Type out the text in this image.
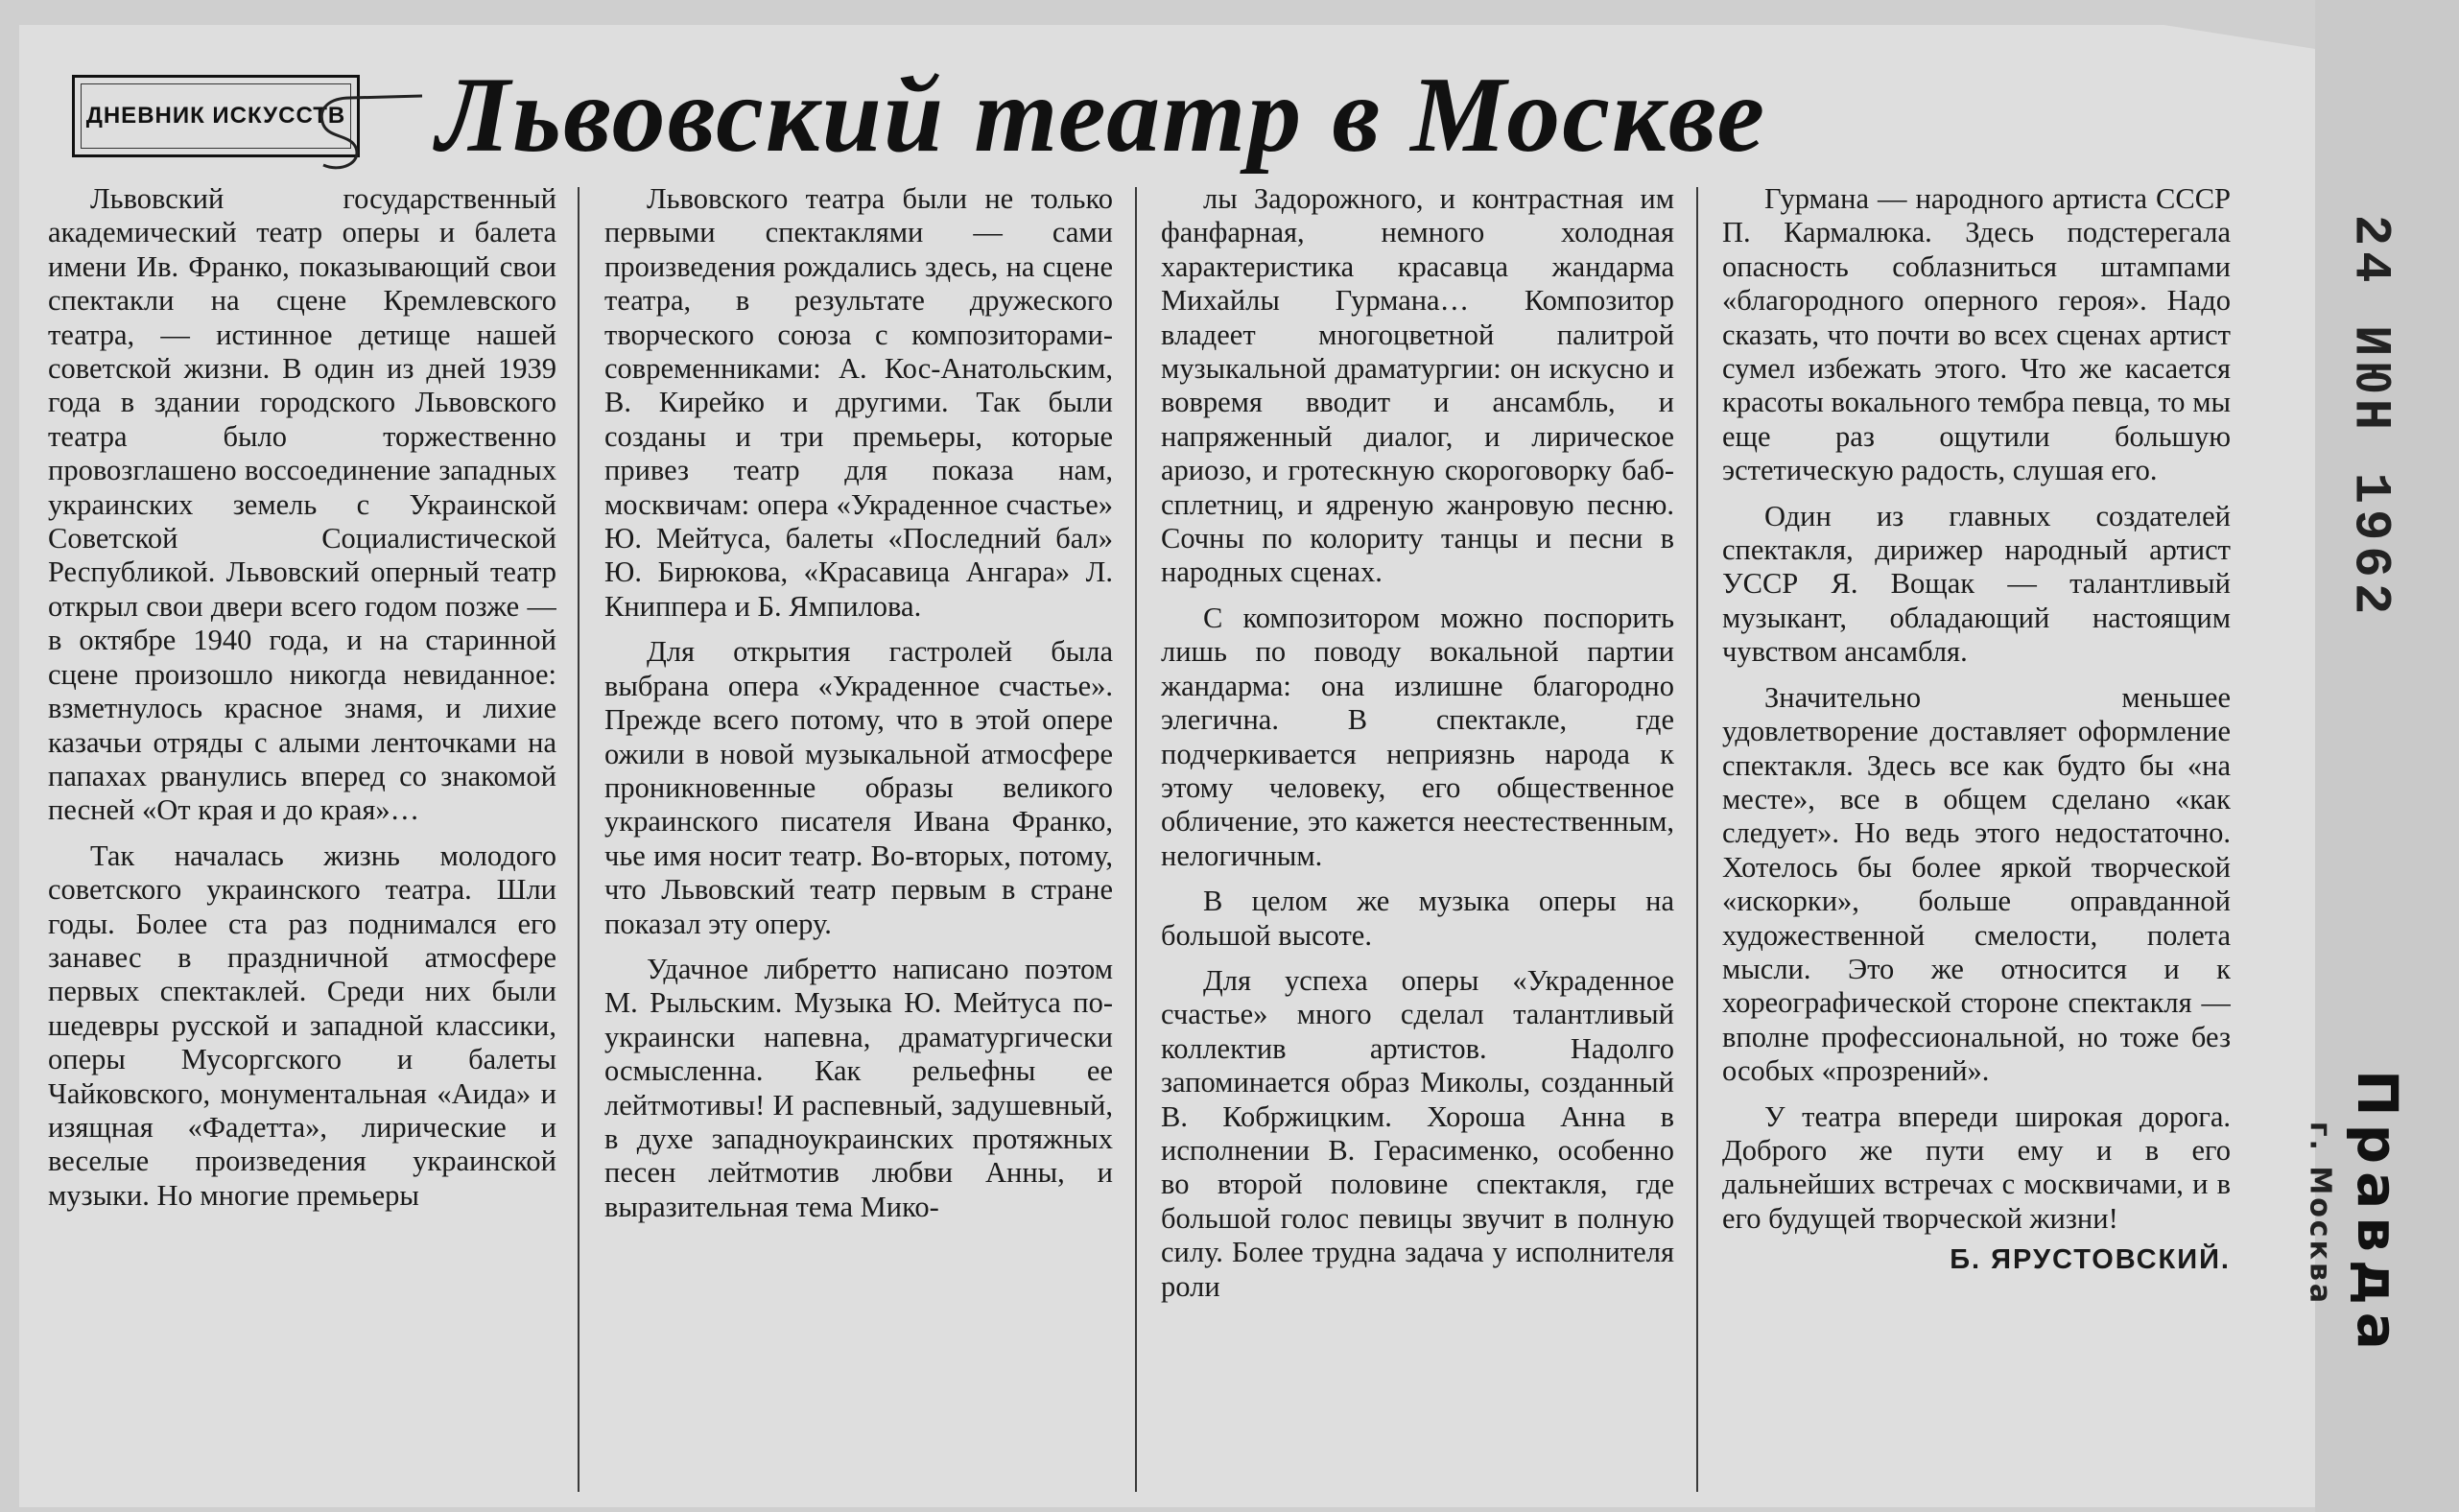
ДНЕВНИК ИСКУССТВ Львовский театр в Москве

Львовский государственный академический театр оперы и балета имени Ив. Франко, показывающий свои спектакли на сцене Кремлевского театра, — истинное детище нашей советской жизни. В один из дней 1939 года в здании городского Львовского театра было торжественно провозглашено воссоединение западных украинских земель с Украинской Советской Социалистической Республикой. Львовский оперный театр открыл свои двери всего годом позже — в октябре 1940 года, и на старинной сцене произошло никогда невиданное: взметнулось красное знамя, и лихие казачьи отряды с алыми ленточками на папахах рванулись вперед со знакомой песней «От края и до края»…

Так началась жизнь молодого советского украинского театра. Шли годы. Более ста раз поднимался его занавес в праздничной атмосфере первых спектаклей. Среди них были шедевры русской и западной классики, оперы Мусоргского и балеты Чайковского, монументальная «Аида» и изящная «Фадетта», лирические и веселые произведения украинской музыки. Но многие премьеры

Львовского театра были не только первыми спектаклями — сами произведения рождались здесь, на сцене театра, в результате дружеского творческого союза с композиторами-современниками: А. Кос-Анатольским, В. Кирейко и другими. Так были созданы и три премьеры, которые привез театр для показа нам, москвичам: опера «Украденное счастье» Ю. Мейтуса, балеты «Последний бал» Ю. Бирюкова, «Красавица Ангара» Л. Книппера и Б. Ямпилова.

Для открытия гастролей была выбрана опера «Украденное счастье». Прежде всего потому, что в этой опере ожили в новой музыкальной атмосфере проникновенные образы великого украинского писателя Ивана Франко, чье имя носит театр. Во-вторых, потому, что Львовский театр первым в стране показал эту оперу.

Удачное либретто написано поэтом М. Рыльским. Музыка Ю. Мейтуса по-украински напевна, драматургически осмысленна. Как рельефны ее лейтмотивы! И распевный, задушевный, в духе западноукраинских протяжных песен лейтмотив любви Анны, и выразительная тема Мико-

лы Задорожного, и контрастная им фанфарная, немного холодная характеристика красавца жандарма Михайлы Гурмана… Композитор владеет многоцветной палитрой музыкальной драматургии: он искусно и вовремя вводит и ансамбль, и напряженный диалог, и лирическое ариозо, и гротескную скороговорку баб-сплетниц, и ядреную жанровую песню. Сочны по колориту танцы и песни в народных сценах.

С композитором можно поспорить лишь по поводу вокальной партии жандарма: она излишне благородно элегична. В спектакле, где подчеркивается неприязнь народа к этому человеку, его общественное обличение, это кажется неестественным, нелогичным.

В целом же музыка оперы на большой высоте.

Для успеха оперы «Украденное счастье» много сделал талантливый коллектив артистов. Надолго запоминается образ Миколы, созданный В. Кобржицким. Хороша Анна в исполнении В. Герасименко, особенно во второй половине спектакля, где большой голос певицы звучит в полную силу. Более трудна задача у исполнителя роли

Гурмана — народного артиста СССР П. Кармалюка. Здесь подстерегала опасность соблазниться штампами «благородного оперного героя». Надо сказать, что почти во всех сценах артист сумел избежать этого. Что же касается красоты вокального тембра певца, то мы еще раз ощутили большую эстетическую радость, слушая его.

Один из главных создателей спектакля, дирижер народный артист УССР Я. Вощак — талантливый музыкант, обладающий настоящим чувством ансамбля.

Значительно меньшее удовлетворение доставляет оформление спектакля. Здесь все как будто бы «на месте», все в общем сделано «как следует». Но ведь этого недостаточно. Хотелось бы более яркой творческой «искорки», больше оправданной художественной смелости, полета мысли. Это же относится и к хореографической стороне спектакля — вполне профессиональной, но тоже без особых «прозрений».

У театра впереди широкая дорога. Доброго же пути ему и в его дальнейших встречах с москвичами, и в его будущей творческой жизни!

Б. ЯРУСТОВСКИЙ.
24 ИЮН 1962
Правда
г. Москва
